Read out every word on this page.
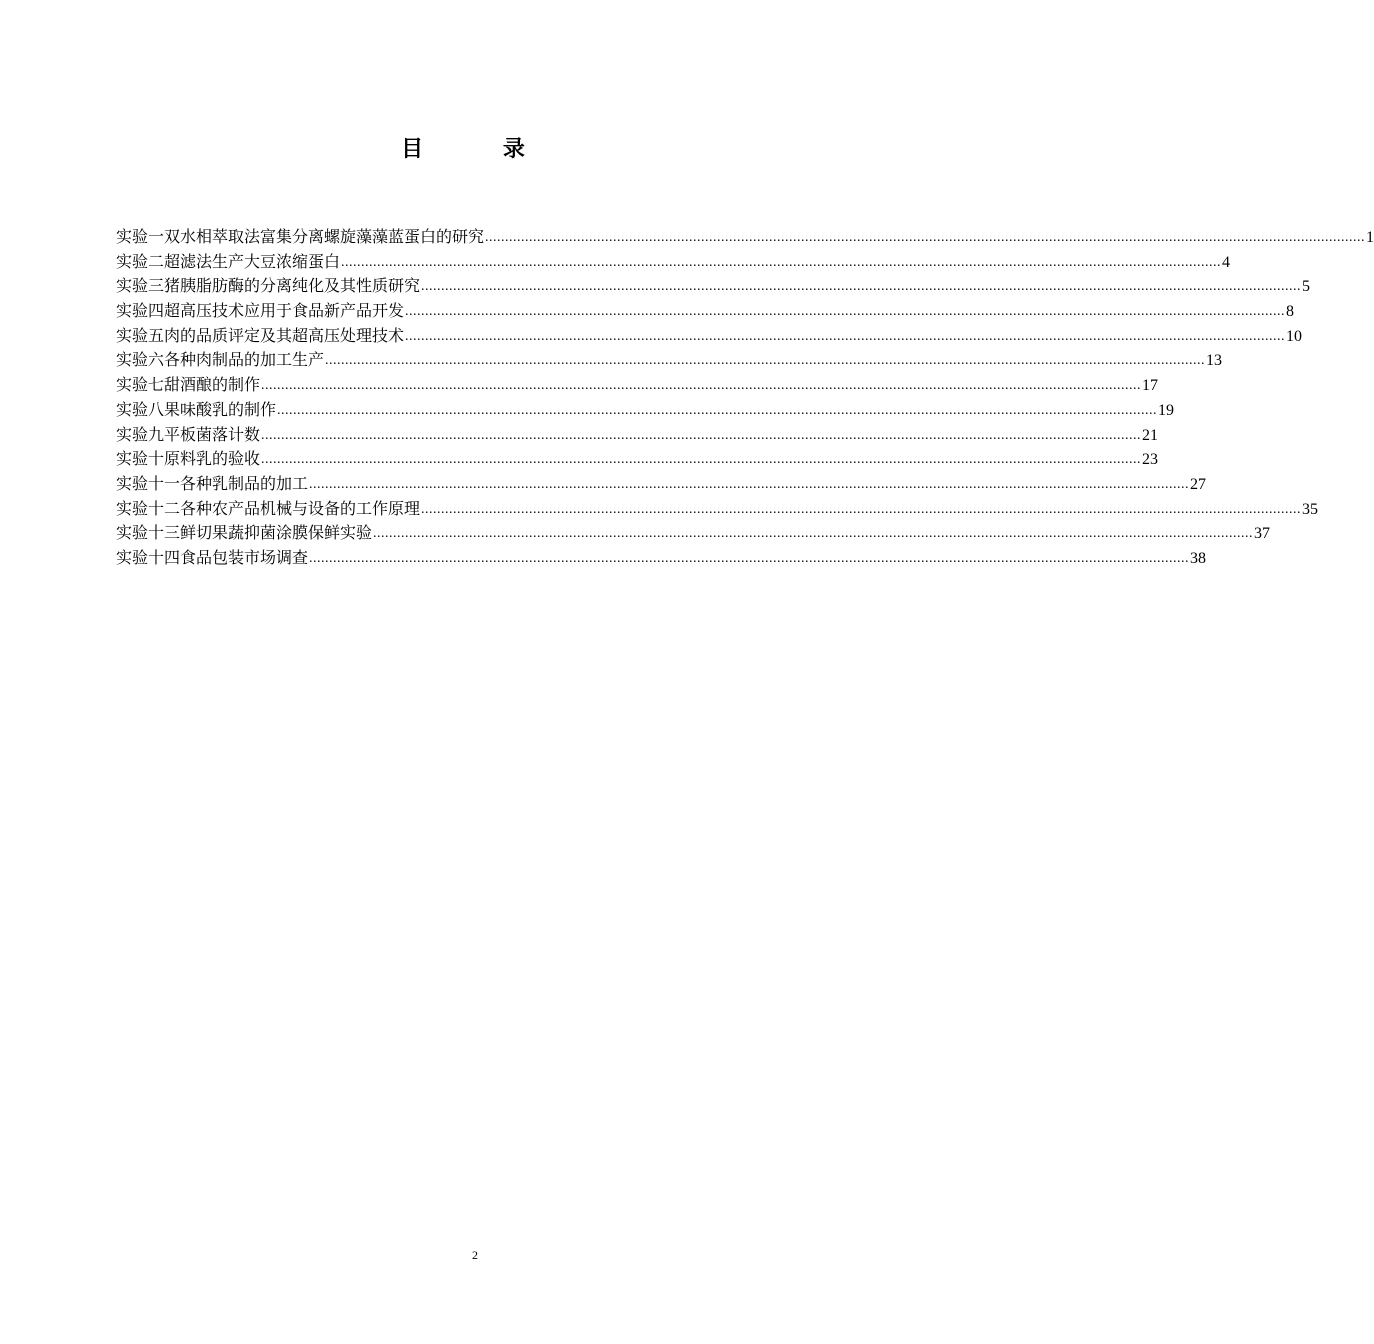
目 录
实验一 双水相萃取法富集分离螺旋藻藻蓝蛋白的研究 ............................................................................................................................................................................................................................ 1
实验二 超滤法生产大豆浓缩蛋白 ............................................................................................................................................................................................................................ 4
实验三 猪胰脂肪酶的分离纯化及其性质研究 ............................................................................................................................................................................................................................ 5
实验四 超高压技术应用于食品新产品开发 ............................................................................................................................................................................................................................ 8
实验五 肉的品质评定及其超高压处理技术 ............................................................................................................................................................................................................................ 10
实验六 各种肉制品的加工生产 ............................................................................................................................................................................................................................ 13
实验七 甜酒酿的制作 ............................................................................................................................................................................................................................ 17
实验八 果味酸乳的制作 ............................................................................................................................................................................................................................ 19
实验九 平板菌落计数 ............................................................................................................................................................................................................................ 21
实验十 原料乳的验收 ............................................................................................................................................................................................................................ 23
实验十一 各种乳制品的加工 ............................................................................................................................................................................................................................ 27
实验十二 各种农产品机械与设备的工作原理 ............................................................................................................................................................................................................................ 35
实验十三 鲜切果蔬抑菌涂膜保鲜实验 ............................................................................................................................................................................................................................ 37
实验十四 食品包装市场调查 ............................................................................................................................................................................................................................ 38
2
